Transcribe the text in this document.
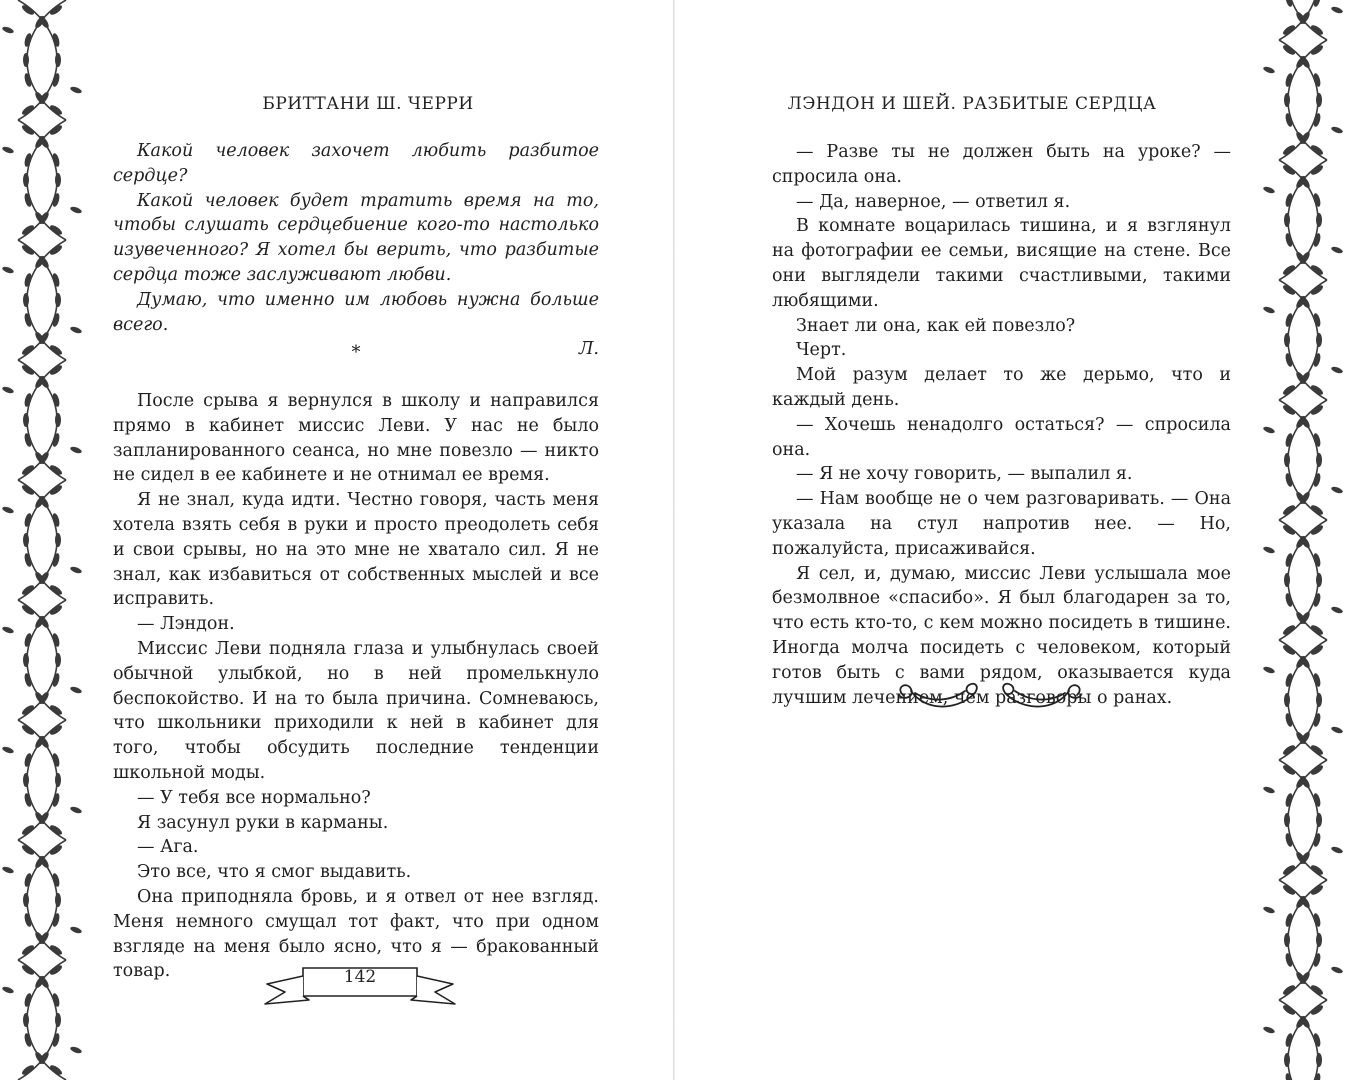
БРИТТАНИ Ш. ЧЕРРИ

Какой человек захочет любить разбитое сердце?

Какой человек будет тратить время на то, чтобы слушать сердцебиение кого-то настолько изувеченного? Я хотел бы верить, что разбитые сердца тоже заслуживают любви.

Думаю, что именно им любовь нужна больше всего.

Л.

*

После срыва я вернулся в школу и направился прямо в кабинет миссис Леви. У нас не было запланированного сеанса, но мне повезло — никто не сидел в ее кабинете и не отнимал ее время.

Я не знал, куда идти. Честно говоря, часть меня хотела взять себя в руки и просто преодолеть себя и свои срывы, но на это мне не хватало сил. Я не знал, как избавиться от собственных мыслей и все исправить.

— Лэндон.

Миссис Леви подняла глаза и улыбнулась своей обычной улыбкой, но в ней промелькнуло беспокойство. И на то была причина. Сомневаюсь, что школьники приходили к ней в кабинет для того, чтобы обсудить последние тенденции школьной моды.

— У тебя все нормально?

Я засунул руки в карманы.

— Ага.

Это все, что я смог выдавить.

Она приподняла бровь, и я отвел от нее взгляд. Меня немного смущал тот факт, что при одном взгляде на меня было ясно, что я — бракованный товар.	142
ЛЭНДОН И ШЕЙ. РАЗБИТЫЕ СЕРДЦА

— Разве ты не должен быть на уроке? — спросила она.

— Да, наверное, — ответил я.

В комнате воцарилась тишина, и я взглянул на фотографии ее семьи, висящие на стене. Все они выглядели такими счастливыми, такими любящими.

Знает ли она, как ей повезло?

Черт.

Мой разум делает то же дерьмо, что и каждый день.

— Хочешь ненадолго остаться? — спросила она.

— Я не хочу говорить, — выпалил я.

— Нам вообще не о чем разговаривать. — Она указала на стул напротив нее. — Но, пожалуйста, присаживайся.

Я сел, и, думаю, миссис Леви услышала мое безмолвное «спасибо». Я был благодарен за то, что есть кто-то, с кем можно посидеть в тишине. Иногда молча посидеть с человеком, который готов быть с вами рядом, оказывается куда лучшим лечением, чем разговоры о ранах.
